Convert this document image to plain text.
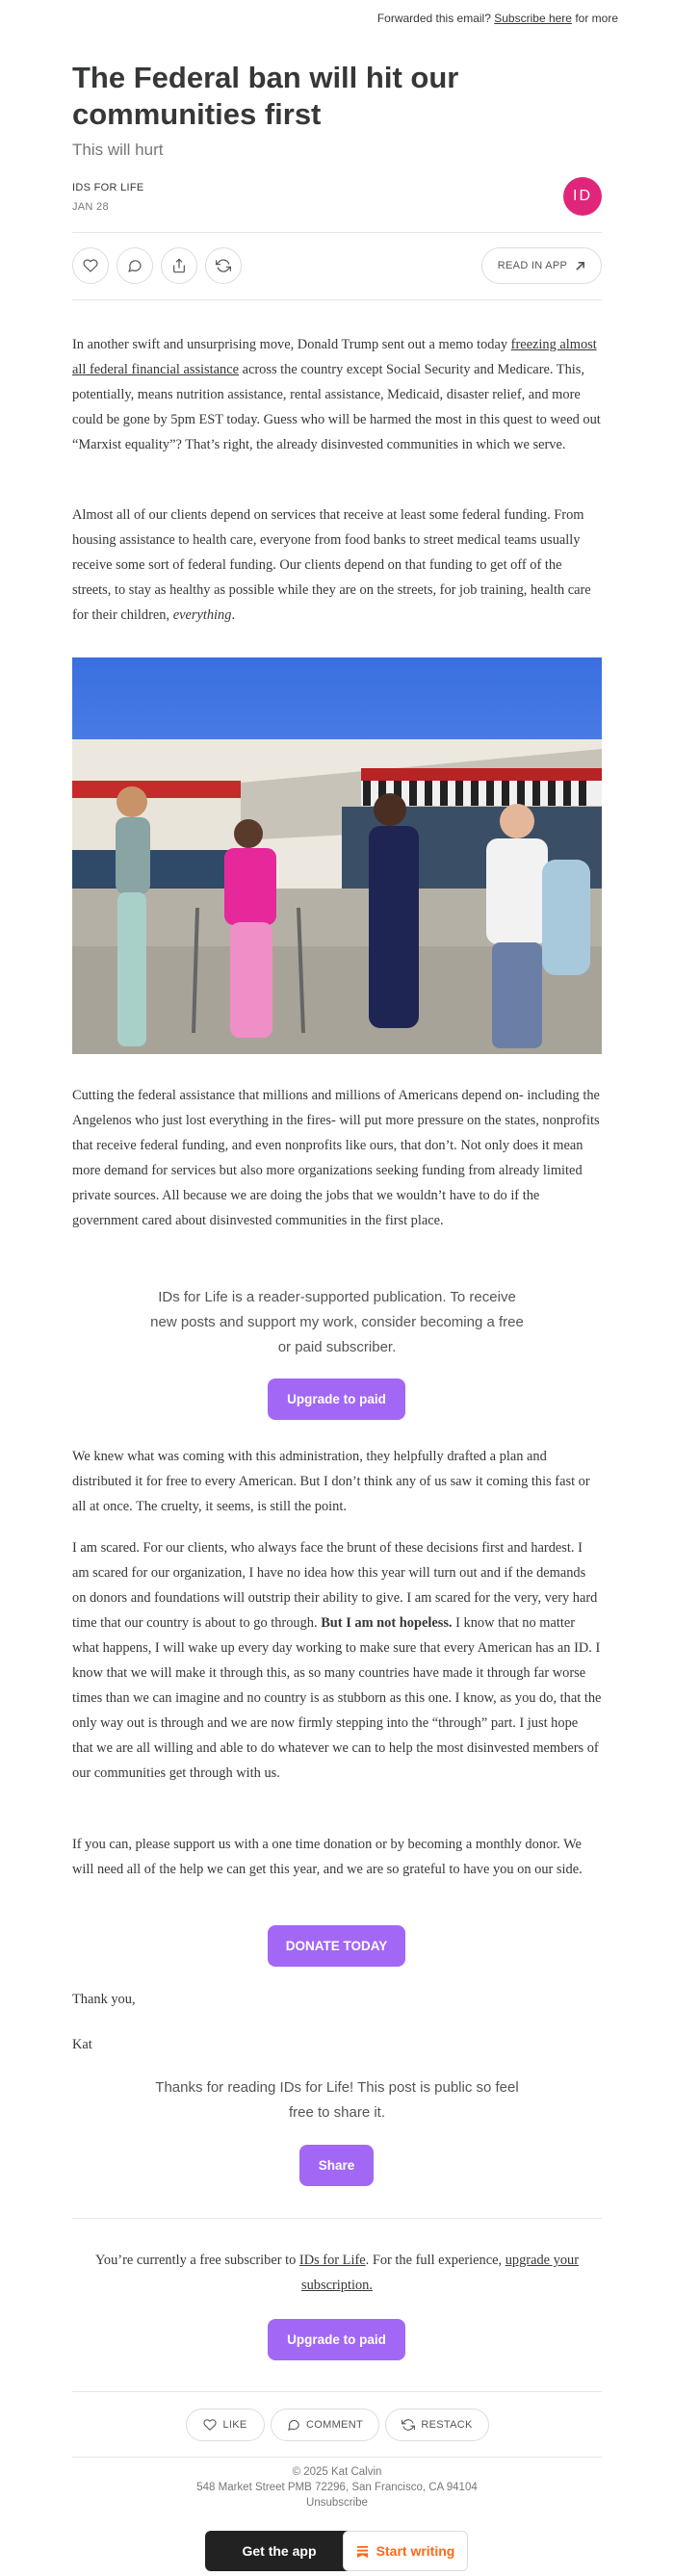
Forwarded this email? Subscribe here for more
The Federal ban will hit our communities first
This will hurt
IDS FOR LIFE
JAN 28
ID
READ IN APP

In another swift and unsurprising move, Donald Trump sent out a memo today freezing almost all federal financial assistance across the country except Social Security and Medicare. This, potentially, means nutrition assistance, rental assistance, Medicaid, disaster relief, and more could be gone by 5pm EST today. Guess who will be harmed the most in this quest to weed out “Marxist equality”? That’s right, the already disinvested communities in which we serve.

Almost all of our clients depend on services that receive at least some federal funding. From housing assistance to health care, everyone from food banks to street medical teams usually receive some sort of federal funding. Our clients depend on that funding to get off of the streets, to stay as healthy as possible while they are on the streets, for job training, health care for their children, everything.

Cutting the federal assistance that millions and millions of Americans depend on- including the Angelenos who just lost everything in the fires- will put more pressure on the states, nonprofits that receive federal funding, and even nonprofits like ours, that don’t. Not only does it mean more demand for services but also more organizations seeking funding from already limited private sources. All because we are doing the jobs that we wouldn’t have to do if the government cared about disinvested communities in the first place.

IDs for Life is a reader-supported publication. To receive new posts and support my work, consider becoming a free or paid subscriber.

Upgrade to paid

We knew what was coming with this administration, they helpfully drafted a plan and distributed it for free to every American. But I don’t think any of us saw it coming this fast or all at once. The cruelty, it seems, is still the point.

I am scared. For our clients, who always face the brunt of these decisions first and hardest. I am scared for our organization, I have no idea how this year will turn out and if the demands on donors and foundations will outstrip their ability to give. I am scared for the very, very hard time that our country is about to go through. But I am not hopeless. I know that no matter what happens, I will wake up every day working to make sure that every American has an ID. I know that we will make it through this, as so many countries have made it through far worse times than we can imagine and no country is as stubborn as this one. I know, as you do, that the only way out is through and we are now firmly stepping into the “through” part. I just hope that we are all willing and able to do whatever we can to help the most disinvested members of our communities get through with us.

If you can, please support us with a one time donation or by becoming a monthly donor. We will need all of the help we can get this year, and we are so grateful to have you on our side.

DONATE TODAY

Thank you,

Kat

Thanks for reading IDs for Life! This post is public so feel free to share it.

Share

You’re currently a free subscriber to IDs for Life. For the full experience, upgrade your subscription.

Upgrade to paid
LIKE	COMMENT	RESTACK
© 2025 Kat Calvin
548 Market Street PMB 72296, San Francisco, CA 94104
Unsubscribe
Get the app	Start writing
